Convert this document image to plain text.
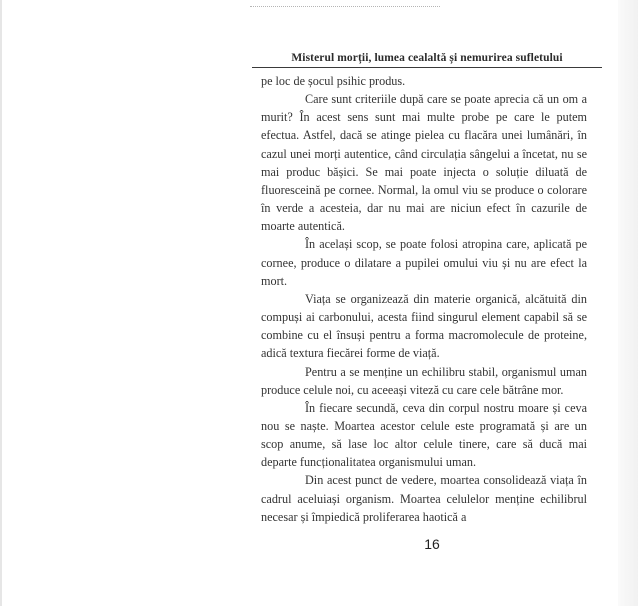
Misterul morții, lumea cealaltă și nemurirea sufletului

pe loc de șocul psihic produs.

Care sunt criteriile după care se poate aprecia că un om a murit? În acest sens sunt mai multe probe pe care le putem efectua. Astfel, dacă se atinge pielea cu flacăra unei lumânări, în cazul unei morți autentice, când circulația sângelui a încetat, nu se mai produc bășici. Se mai poate injecta o soluție diluată de fluoresceină pe cornee. Normal, la omul viu se produce o colorare în verde a acesteia, dar nu mai are niciun efect în cazurile de moarte autentică.

În același scop, se poate folosi atropina care, aplicată pe cornee, produce o dilatare a pupilei omului viu și nu are efect la mort.

Viața se organizează din materie organică, alcătuită din compuși ai carbonului, acesta fiind singurul element capabil să se combine cu el însuși pentru a forma macromolecule de proteine, adică textura fiecărei forme de viață.

Pentru a se menține un echilibru stabil, organismul uman produce celule noi, cu aceeași viteză cu care cele bătrâne mor.

În fiecare secundă, ceva din corpul nostru moare și ceva nou se naște. Moartea acestor celule este programată și are un scop anume, să lase loc altor celule tinere, care să ducă mai departe funcționalitatea organismului uman.

Din acest punct de vedere, moartea consolidează viața în cadrul aceluiași organism. Moartea celulelor menține echilibrul necesar și împiedică proliferarea haotică a

16
